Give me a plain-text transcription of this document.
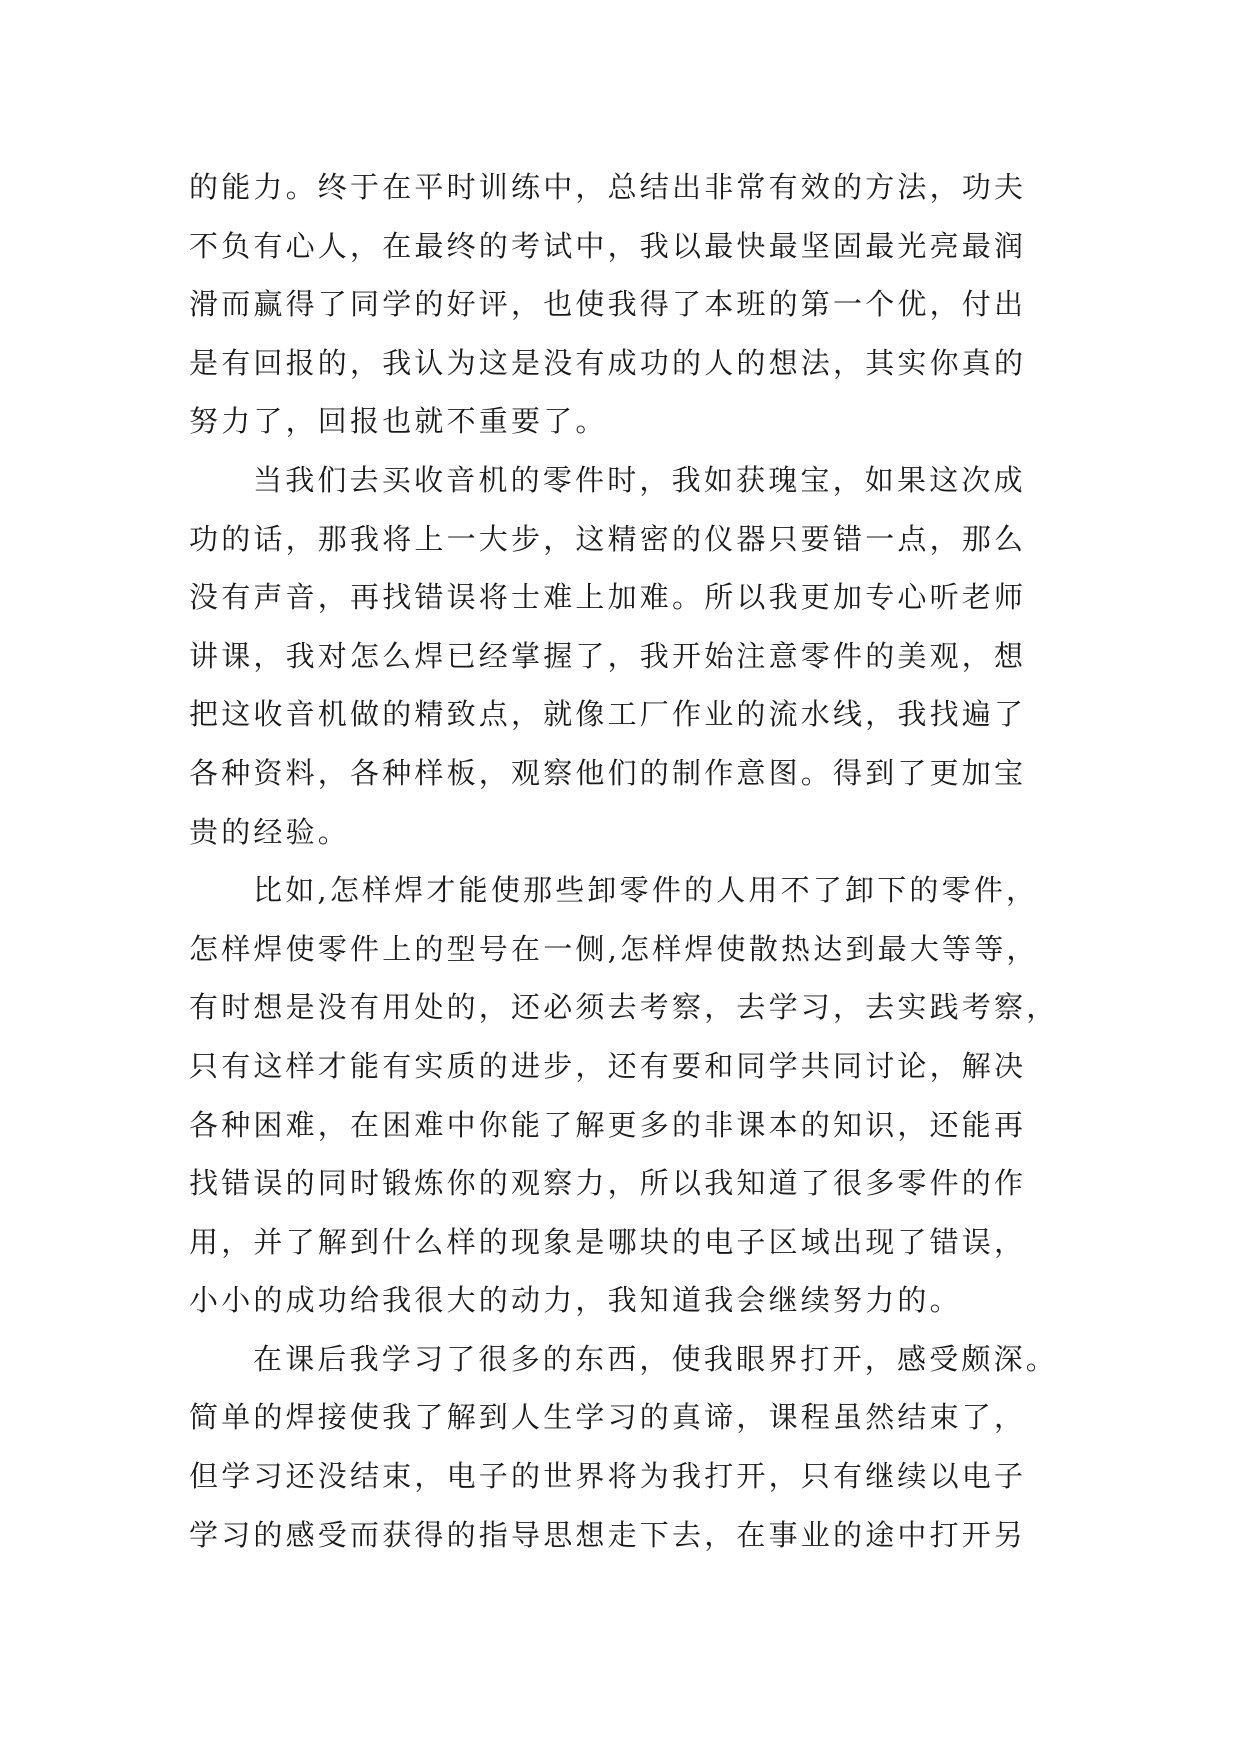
的能力。终于在平时训练中，总结出非常有效的方法，功夫
不负有心人，在最终的考试中，我以最快最坚固最光亮最润
滑而赢得了同学的好评，也使我得了本班的第一个优，付出
是有回报的，我认为这是没有成功的人的想法，其实你真的
努力了，回报也就不重要了。
当我们去买收音机的零件时，我如获瑰宝，如果这次成
功的话，那我将上一大步，这精密的仪器只要错一点，那么
没有声音，再找错误将士难上加难。所以我更加专心听老师
讲课，我对怎么焊已经掌握了，我开始注意零件的美观，想
把这收音机做的精致点，就像工厂作业的流水线，我找遍了
各种资料，各种样板，观察他们的制作意图。得到了更加宝
贵的经验。
比如,怎样焊才能使那些卸零件的人用不了卸下的零件，
怎样焊使零件上的型号在一侧,怎样焊使散热达到最大等等，
有时想是没有用处的，还必须去考察，去学习，去实践考察，
只有这样才能有实质的进步，还有要和同学共同讨论，解决
各种困难，在困难中你能了解更多的非课本的知识，还能再
找错误的同时锻炼你的观察力，所以我知道了很多零件的作
用，并了解到什么样的现象是哪块的电子区域出现了错误，
小小的成功给我很大的动力，我知道我会继续努力的。
在课后我学习了很多的东西，使我眼界打开，感受颇深。
简单的焊接使我了解到人生学习的真谛，课程虽然结束了，
但学习还没结束，电子的世界将为我打开，只有继续以电子
学习的感受而获得的指导思想走下去，在事业的途中打开另
